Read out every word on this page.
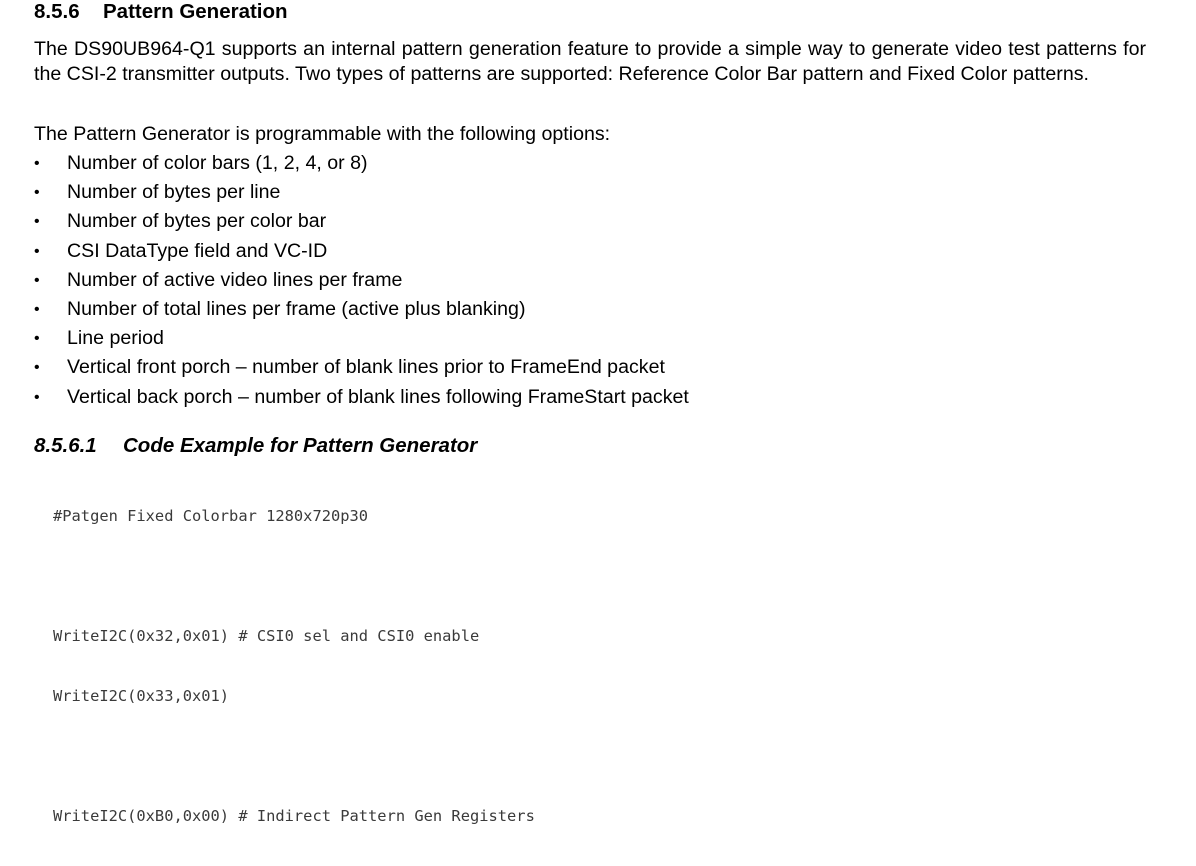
8.5.6 Pattern Generation

The DS90UB964-Q1 supports an internal pattern generation feature to provide a simple way to generate video test patterns for the CSI-2 transmitter outputs. Two types of patterns are supported: Reference Color Bar pattern and Fixed Color patterns.

The Pattern Generator is programmable with the following options:

• Number of color bars (1, 2, 4, or 8)
• Number of bytes per line
• Number of bytes per color bar
• CSI DataType field and VC-ID
• Number of active video lines per frame
• Number of total lines per frame (active plus blanking)
• Line period
• Vertical front porch – number of blank lines prior to FrameEnd packet
• Vertical back porch – number of blank lines following FrameStart packet
8.5.6.1 Code Example for Pattern Generator

#Patgen Fixed Colorbar 1280x720p30

WriteI2C(0x32,0x01) # CSI0 sel and CSI0 enable

WriteI2C(0x33,0x01)

WriteI2C(0xB0,0x00) # Indirect Pattern Gen Registers
